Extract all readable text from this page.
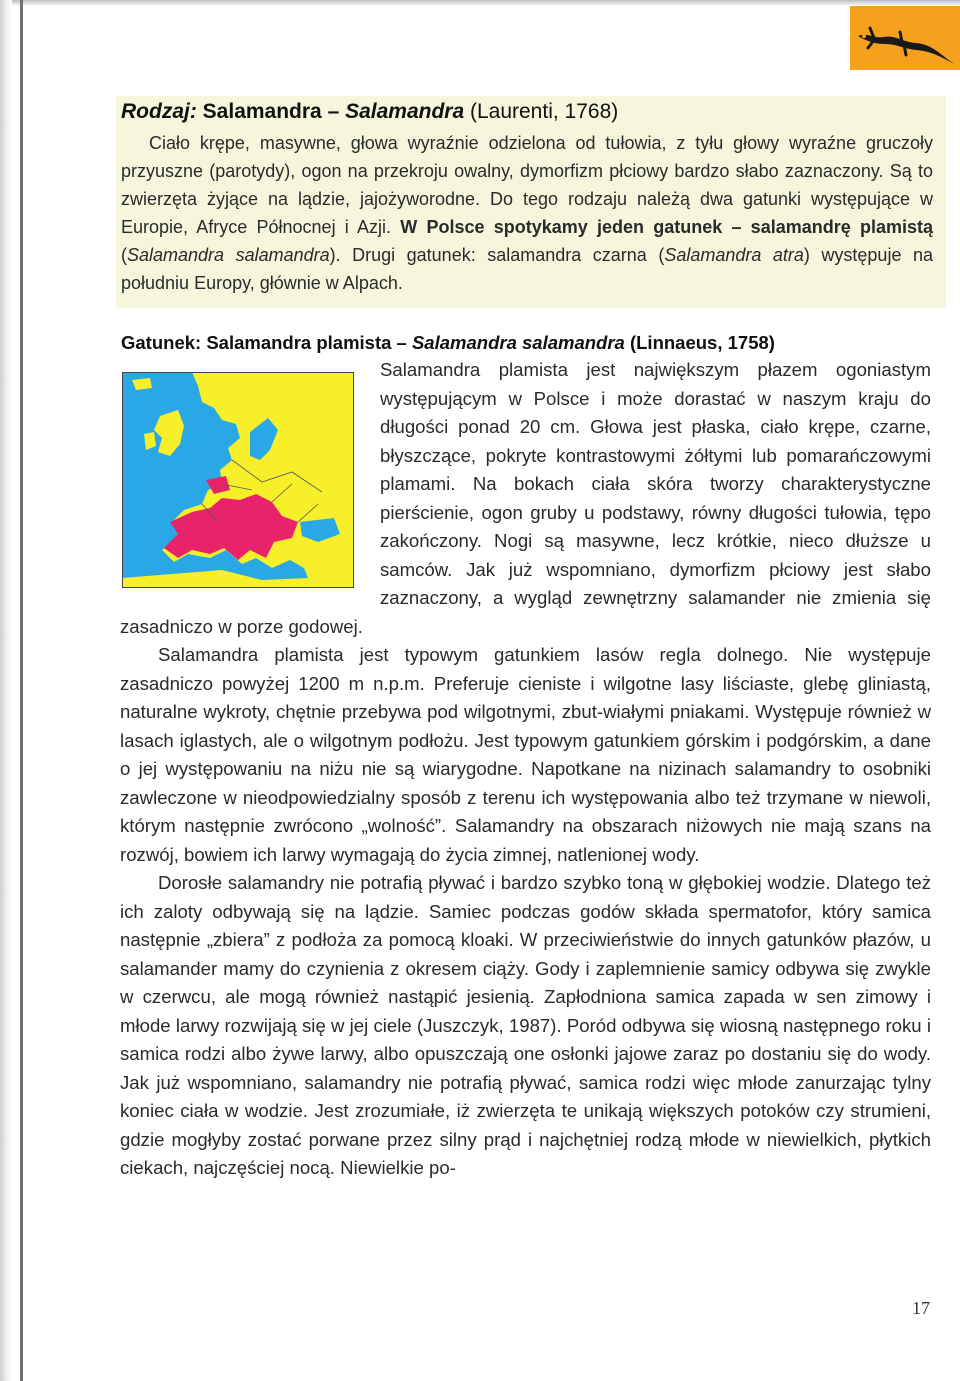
Rodzaj: Salamandra – Salamandra (Laurenti, 1768)

Ciało krępe, masywne, głowa wyraźnie odzielona od tułowia, z tyłu głowy wyraźne gruczoły przyuszne (parotydy), ogon na przekroju owalny, dymorfizm płciowy bardzo słabo zaznaczony. Są to zwierzęta żyjące na lądzie, jajożyworodne. Do tego rodzaju należą dwa gatunki występujące w Europie, Afryce Północnej i Azji. W Polsce spotykamy jeden gatunek – salamandrę plamistą (Salamandra salamandra). Drugi gatunek: salamandra czarna (Salamandra atra) występuje na południu Europy, głównie w Alpach.

Gatunek: Salamandra plamista – Salamandra salamandra (Linnaeus, 1758)

Salamandra plamista jest największym płazem ogoniastym występującym w Polsce i może dorastać w naszym kraju do długości ponad 20 cm. Głowa jest płaska, ciało krępe, czarne, błyszczące, pokryte kontrastowymi żółtymi lub pomarańczowymi plamami. Na bokach ciała skóra tworzy charakterystyczne pierścienie, ogon gruby u podstawy, równy długości tułowia, tępo zakończony. Nogi są masywne, lecz krótkie, nieco dłuższe u samców. Jak już wspomniano, dymorfizm płciowy jest słabo zaznaczony, a wygląd zewnętrzny salamander nie zmienia się zasadniczo w porze godowej.

Salamandra plamista jest typowym gatunkiem lasów regla dolnego. Nie występuje zasadniczo powyżej 1200 m n.p.m. Preferuje cieniste i wilgotne lasy liściaste, glebę gliniastą, naturalne wykroty, chętnie przebywa pod wilgotnymi, zbut-wiałymi pniakami. Występuje również w lasach iglastych, ale o wilgotnym podłożu. Jest typowym gatunkiem górskim i podgórskim, a dane o jej występowaniu na niżu nie są wiarygodne. Napotkane na nizinach salamandry to osobniki zawleczone w nieodpowiedzialny sposób z terenu ich występowania albo też trzymane w niewoli, którym następnie zwrócono „wolność”. Salamandry na obszarach niżowych nie mają szans na rozwój, bowiem ich larwy wymagają do życia zimnej, natlenionej wody.

Dorosłe salamandry nie potrafią pływać i bardzo szybko toną w głębokiej wodzie. Dlatego też ich zaloty odbywają się na lądzie. Samiec podczas godów składa spermatofor, który samica następnie „zbiera” z podłoża za pomocą kloaki. W przeciwieństwie do innych gatunków płazów, u salamander mamy do czynienia z okresem ciąży. Gody i zaplemnienie samicy odbywa się zwykle w czerwcu, ale mogą również nastąpić jesienią. Zapłodniona samica zapada w sen zimowy i młode larwy rozwijają się w jej ciele (Juszczyk, 1987). Poród odbywa się wiosną następnego roku i samica rodzi albo żywe larwy, albo opuszczają one osłonki jajowe zaraz po dostaniu się do wody. Jak już wspomniano, salamandry nie potrafią pływać, samica rodzi więc młode zanurzając tylny koniec ciała w wodzie. Jest zrozumiałe, iż zwierzęta te unikają większych potoków czy strumieni, gdzie mogłyby zostać porwane przez silny prąd i najchętniej rodzą młode w niewielkich, płytkich ciekach, najczęściej nocą. Niewielkie po-

17
